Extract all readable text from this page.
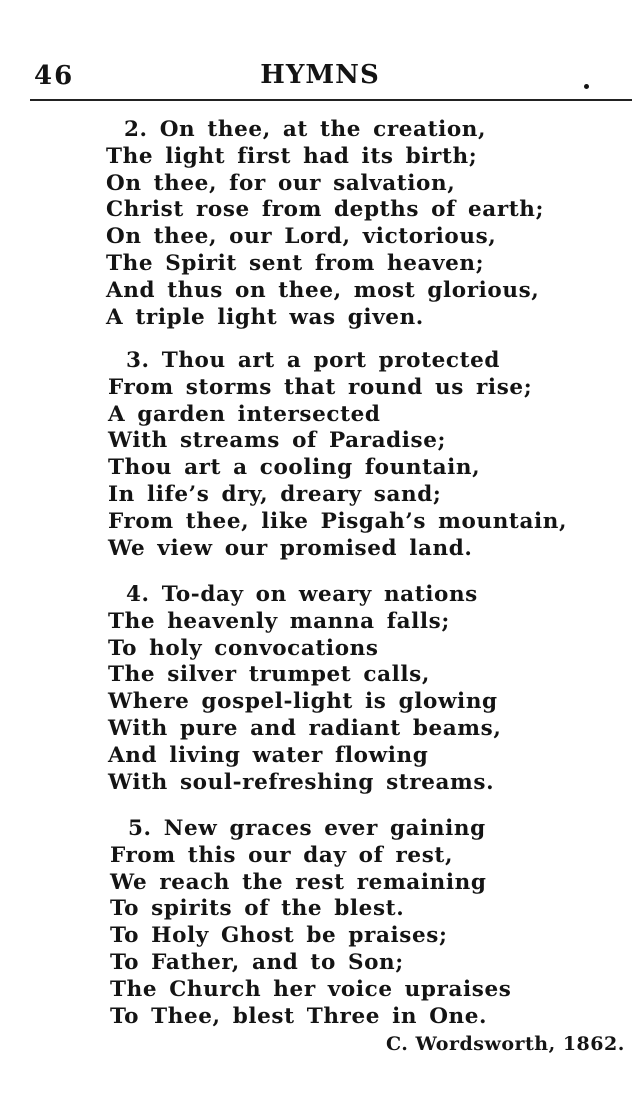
46	HYMNS
2. On thee, at the creation,
The light first had its birth;
On thee, for our salvation,
Christ rose from depths of earth;
On thee, our Lord, victorious,
The Spirit sent from heaven;
And thus on thee, most glorious,
A triple light was given.
3. Thou art a port protected
From storms that round us rise;
A garden intersected
With streams of Paradise;
Thou art a cooling fountain,
In life’s dry, dreary sand;
From thee, like Pisgah’s mountain,
We view our promised land.
4. To-day on weary nations
The heavenly manna falls;
To holy convocations
The silver trumpet calls,
Where gospel-light is glowing
With pure and radiant beams,
And living water flowing
With soul-refreshing streams.
5. New graces ever gaining
From this our day of rest,
We reach the rest remaining
To spirits of the blest.
To Holy Ghost be praises;
To Father, and to Son;
The Church her voice upraises
To Thee, blest Three in One.
C. Wordsworth, 1862.
